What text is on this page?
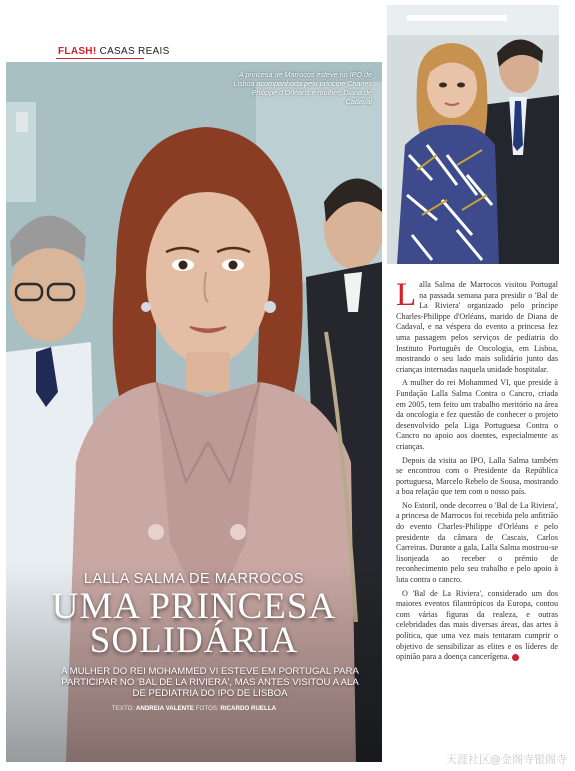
FLASH! CASAS REAIS
A princesa de Marrocos esteve no IPO de Lisboa acompanhada pelo príncipe Charles Philippe d'Orléans e mulher, Diana de Cadaval
LALLA SALMA DE MARROCOS
UMA PRINCESA
SOLIDÁRIA
A MULHER DO REI MOHAMMED VI ESTEVE EM PORTUGAL PARA PARTICIPAR NO 'BAL DE LA RIVIERA', MAS ANTES VISITOU A ALA DE PEDIATRIA DO IPO DE LISBOA
TEXTO: ANDREIA VALENTE FOTOS: RICARDO RUELLA

Lalla Salma de Marrocos visitou Portugal na passada semana para presidir o 'Bal de La Riviera' organizado pelo príncipe Charles-Philippe d'Orléans, marido de Diana de Cadaval, e na véspera do evento a princesa fez uma passagem pelos serviços de pediatria do Instituto Português de Oncologia, em Lisboa, mostrando o seu lado mais solidário junto das crianças internadas naquela unidade hospitalar.

A mulher do rei Mohammed VI, que preside à Fundação Lalla Salma Contra o Cancro, criada em 2005, tem feito um trabalho meritório na área da oncologia e fez questão de conhecer o projeto desenvolvido pela Liga Portuguesa Contra o Cancro no apoio aos doentes, especialmente as crianças.

Depois da visita ao IPO, Lalla Salma também se encontrou com o Presidente da República portuguesa, Marcelo Rebelo de Sousa, mostrando a boa relação que tem com o nosso país.

No Estoril, onde decorreu o 'Bal de La Riviera', a princesa de Marrocos foi recebida pelo anfitrião do evento Charles-Philippe d'Orléans e pelo presidente da câmara de Cascais, Carlos Carreiras. Durante a gala, Lalla Salma mostrou-se lisonjeada ao receber o prémio de reconhecimento pelo seu trabalho e pelo apoio à luta contra o cancro.

O 'Bal de La Riviera', considerado um dos maiores eventos filantrópicos da Europa, contou com várias figuras da realeza, e outras celebridades das mais diversas áreas, das artes à política, que uma vez mais tentaram cumprir o objetivo de sensibilizar as elites e os líderes de opinião para a doença cancerígena.

天涯社区@金阁寺银阁寺
